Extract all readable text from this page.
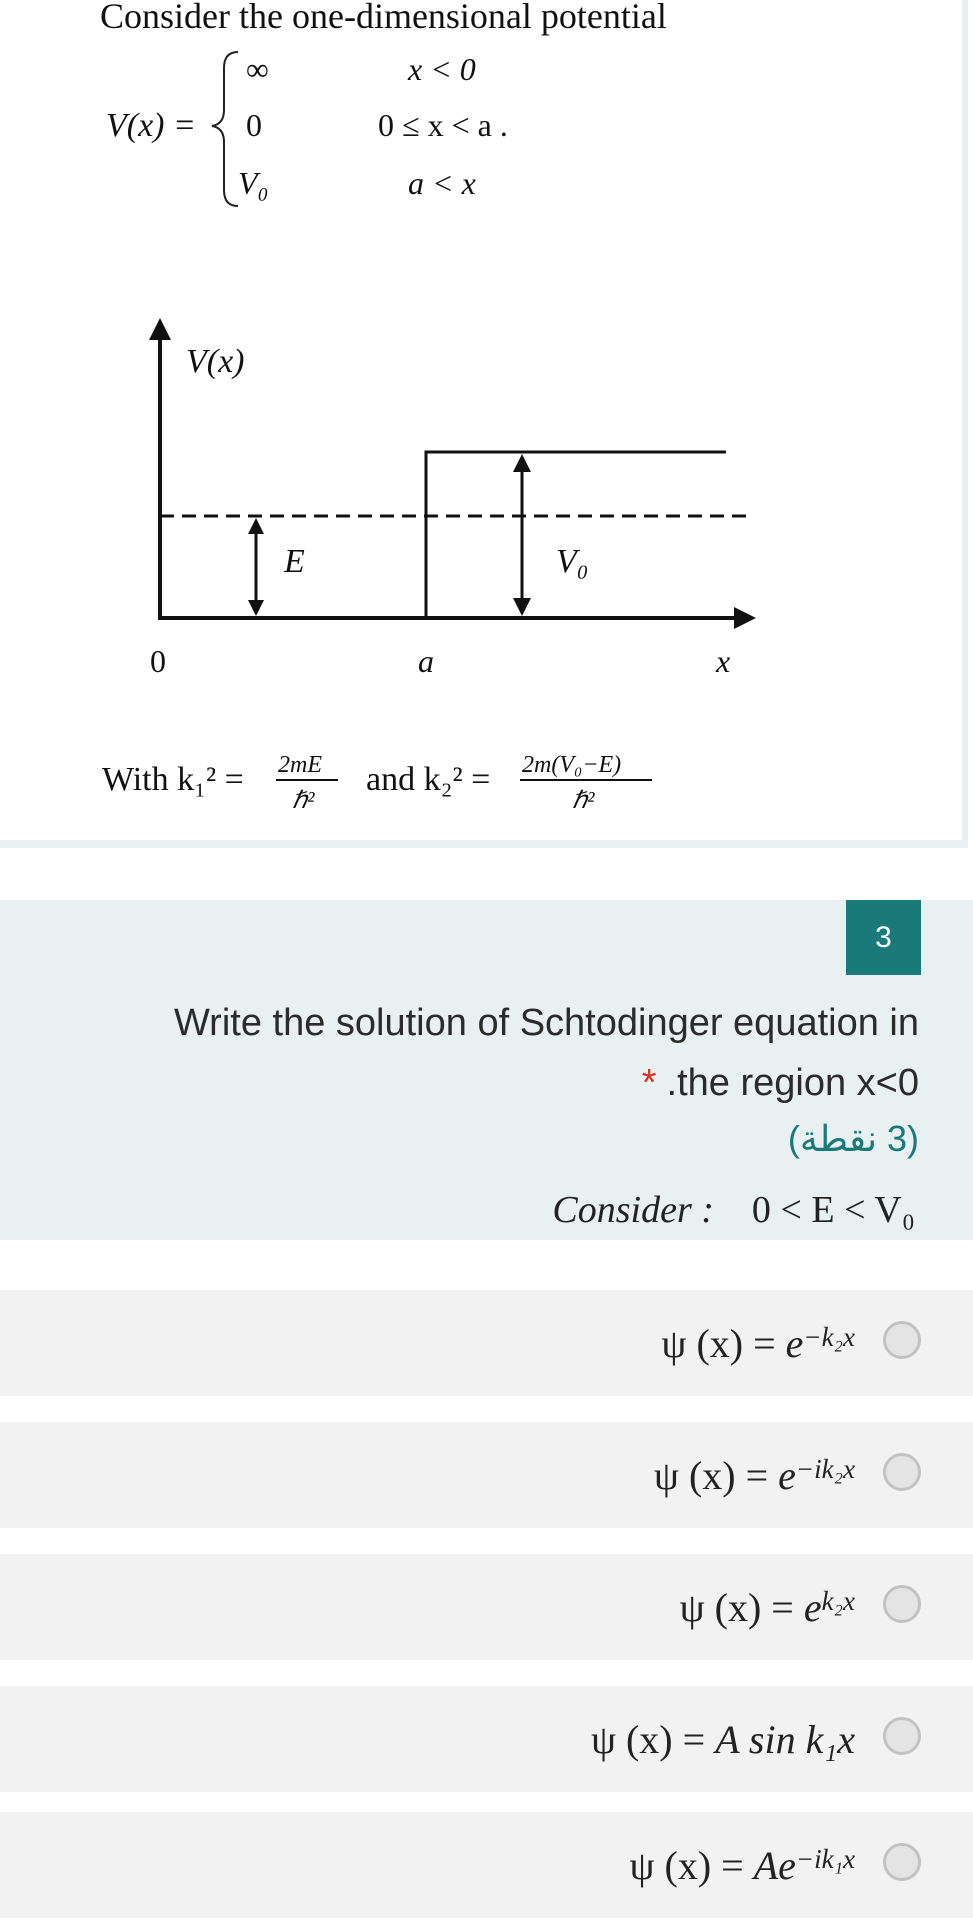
Consider the one-dimensional potential
V(x) =
∞	x < 0
0	0 ≤ x < a .
V₀	a < x
V(x)
E	V₀
0	a	x
With k₁² = 2mE
ℏ²
and k₂² = 2m(V₀−E)
ℏ²
3
Write the solution of Schtodinger equation in
* .the region x<0
(3 نقطة)
Consider : 0 < E < V₀
ψ (x) =
e $^{-k_2x}$
ψ (x) =
e $^{-ik_2x}$
ψ (x) =
e $^{k_2x}$
ψ (x) =
A sin k₁x
ψ (x) =
Ae $^{-ik_1x}$
